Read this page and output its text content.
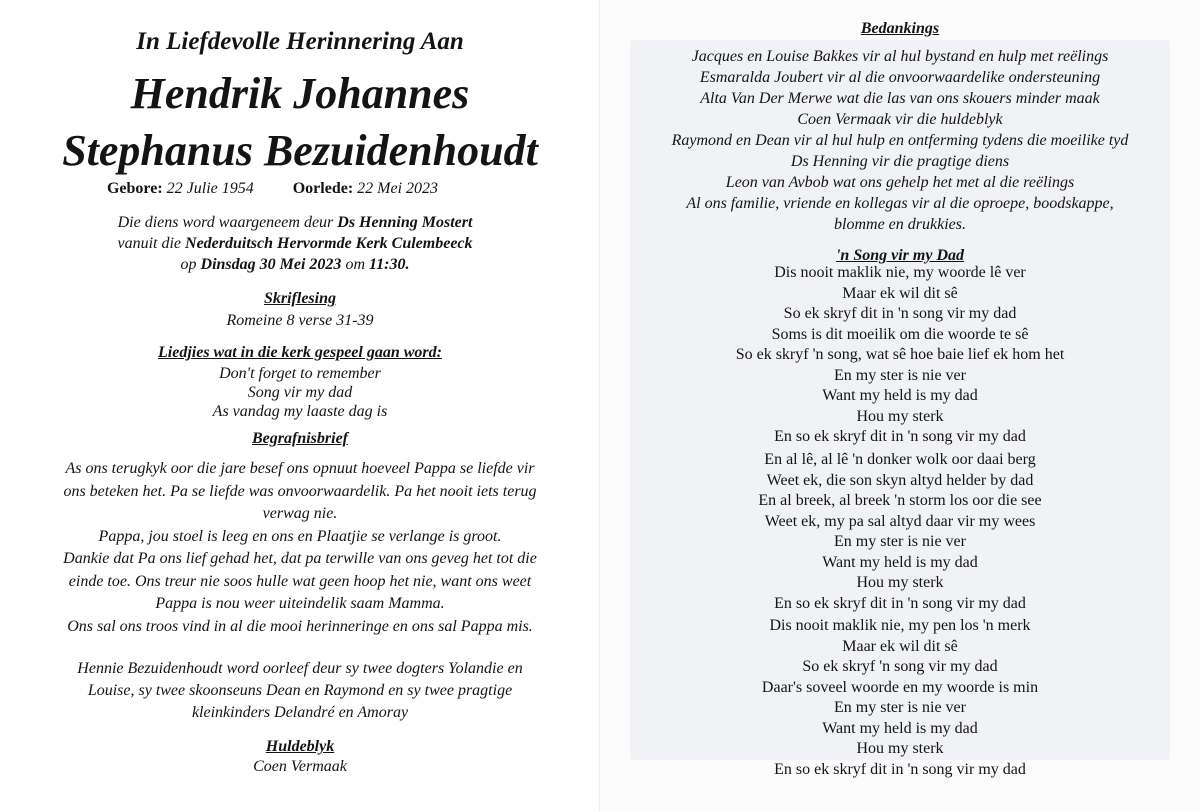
In Liefdevolle Herinnering Aan
Hendrik Johannes
Stephanus Bezuidenhoudt
Gebore: 22 Julie 1954 Oorlede: 22 Mei 2023
Die diens word waargeneem deur Ds Henning Mostert
vanuit die Nederduitsch Hervormde Kerk Culembeeck
op Dinsdag 30 Mei 2023 om 11:30.
Skriflesing
Romeine 8 verse 31-39
Liedjies wat in die kerk gespeel gaan word:
Don't forget to remember
Song vir my dad
As vandag my laaste dag is
Begrafnisbrief
As ons terugkyk oor die jare besef ons opnuut hoeveel Pappa se liefde vir
ons beteken het. Pa se liefde was onvoorwaardelik. Pa het nooit iets terug
verwag nie.
Pappa, jou stoel is leeg en ons en Plaatjie se verlange is groot.
Dankie dat Pa ons lief gehad het, dat pa terwille van ons geveg het tot die
einde toe. Ons treur nie soos hulle wat geen hoop het nie, want ons weet
Pappa is nou weer uiteindelik saam Mamma.
Ons sal ons troos vind in al die mooi herinneringe en ons sal Pappa mis.
Hennie Bezuidenhoudt word oorleef deur sy twee dogters Yolandie en
Louise, sy twee skoonseuns Dean en Raymond en sy twee pragtige
kleinkinders Delandré en Amoray
Huldeblyk
Coen Vermaak
Bedankings
Jacques en Louise Bakkes vir al hul bystand en hulp met reëlings
Esmaralda Joubert vir al die onvoorwaardelike ondersteuning
Alta Van Der Merwe wat die las van ons skouers minder maak
Coen Vermaak vir die huldeblyk
Raymond en Dean vir al hul hulp en ontferming tydens die moeilike tyd
Ds Henning vir die pragtige diens
Leon van Avbob wat ons gehelp het met al die reëlings
Al ons familie, vriende en kollegas vir al die oproepe, boodskappe,
blomme en drukkies.
'n Song vir my Dad
Dis nooit maklik nie, my woorde lê ver
Maar ek wil dit sê
So ek skryf dit in 'n song vir my dad
Soms is dit moeilik om die woorde te sê
So ek skryf 'n song, wat sê hoe baie lief ek hom het
En my ster is nie ver
Want my held is my dad
Hou my sterk
En so ek skryf dit in 'n song vir my dad
En al lê, al lê 'n donker wolk oor daai berg
Weet ek, die son skyn altyd helder by dad
En al breek, al breek 'n storm los oor die see
Weet ek, my pa sal altyd daar vir my wees
En my ster is nie ver
Want my held is my dad
Hou my sterk
En so ek skryf dit in 'n song vir my dad
Dis nooit maklik nie, my pen los 'n merk
Maar ek wil dit sê
So ek skryf 'n song vir my dad
Daar's soveel woorde en my woorde is min
En my ster is nie ver
Want my held is my dad
Hou my sterk
En so ek skryf dit in 'n song vir my dad
